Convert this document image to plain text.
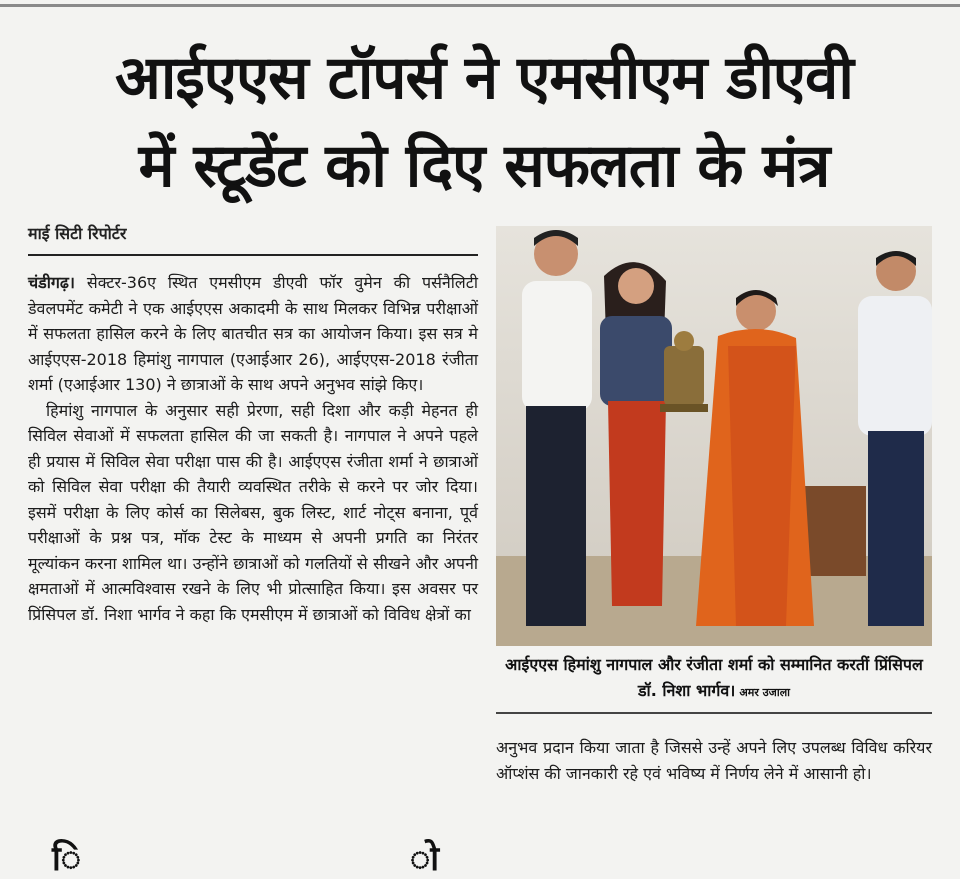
आईएएस टॉपर्स ने एमसीएम डीएवी
में स्टूडेंट को दिए सफलता के मंत्र
माई सिटी रिपोर्टर

चंडीगढ़। सेक्टर-36ए स्थित एमसीएम डीएवी फॉर वुमेन की पर्सनैलिटी डेवलपमेंट कमेटी ने एक आईएएस अकादमी के साथ मिलकर विभिन्न परीक्षाओं में सफलता हासिल करने के लिए बातचीत सत्र का आयोजन किया। इस सत्र मे आईएएस-2018 हिमांशु नागपाल (एआईआर 26), आईएएस-2018 रंजीता शर्मा (एआईआर 130) ने छात्राओं के साथ अपने अनुभव सांझे किए।

हिमांशु नागपाल के अनुसार सही प्रेरणा, सही दिशा और कड़ी मेहनत ही सिविल सेवाओं में सफलता हासिल की जा सकती है। नागपाल ने अपने पहले ही प्रयास में सिविल सेवा परीक्षा पास की है। आईएएस रंजीता शर्मा ने छात्राओं को सिविल सेवा परीक्षा की तैयारी व्यवस्थित तरीके से करने पर जोर दिया। इसमें परीक्षा के लिए कोर्स का सिलेबस, बुक लिस्ट, शार्ट नोट्स बनाना, पूर्व परीक्षाओं के प्रश्न पत्र, मॉक टेस्ट के माध्यम से अपनी प्रगति का निरंतर मूल्यांकन करना शामिल था। उन्होंने छात्राओं को गलतियों से सीखने और अपनी क्षमताओं में आत्मविश्वास रखने के लिए भी प्रोत्साहित किया। इस अवसर पर प्रिंसिपल डॉ. निशा भार्गव ने कहा कि एमसीएम में छात्राओं को विविध क्षेत्रों का

आईएएस हिमांशु नागपाल और रंजीता शर्मा को सम्मानित करतीं प्रिंसिपल डॉ. निशा भार्गव। अमर उजाला

अनुभव प्रदान किया जाता है जिससे उन्हें अपने लिए उपलब्ध विविध करियर ऑप्शंस की जानकारी रहे एवं भविष्य में निर्णय लेने में आसानी हो।

ि	ो
